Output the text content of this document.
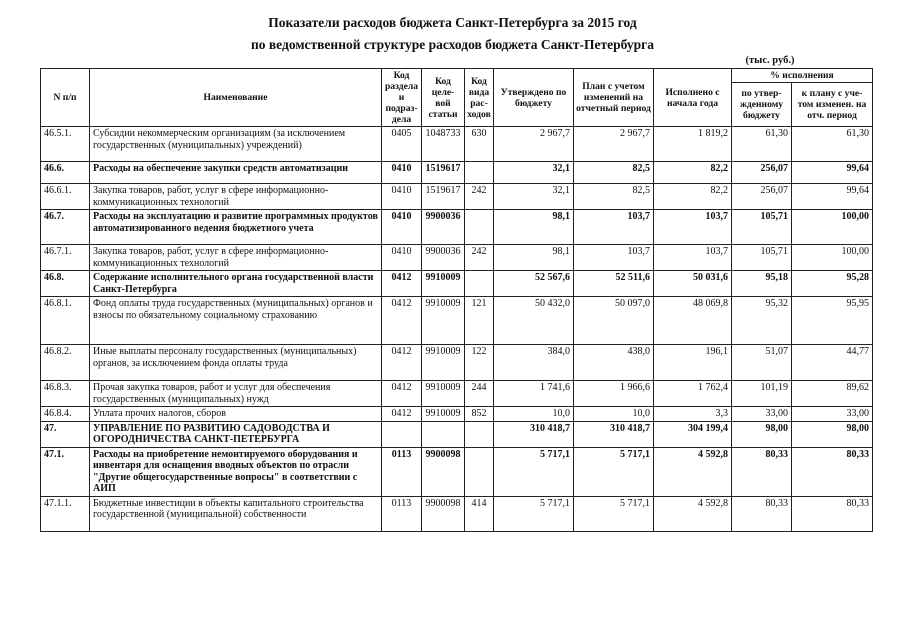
Показатели расходов бюджета Санкт-Петербурга за 2015 год
по ведомственной структуре расходов бюджета Санкт-Петербурга
(тыс. руб.)
N п/п	Наименование	Код раздела и подраз-дела	Код целе-вой статьи	Код вида рас-ходов	Утверждено по бюджету	План с учетом изменений на отчетный период	Исполнено с начала года	% исполнения	
								по утвер-жденному бюджету	к плану с уче-том изменен. на отч. период
46.5.1.	Субсидии некоммерческим организациям (за исключением государственных (муниципальных) учреждений)	0405	1048733	630	2 967,7	2 967,7	1 819,2	61,30	61,30
46.6.	Расходы на обеспечение закупки средств автоматизации	0410	1519617		32,1	82,5	82,2	256,07	99,64
46.6.1.	Закупка товаров, работ, услуг в сфере информационно-коммуникационных технологий	0410	1519617	242	32,1	82,5	82,2	256,07	99,64
46.7.	Расходы на эксплуатацию и развитие программных продуктов автоматизированного ведения бюджетного учета	0410	9900036		98,1	103,7	103,7	105,71	100,00
46.7.1.	Закупка товаров, работ, услуг в сфере информационно-коммуникационных технологий	0410	9900036	242	98,1	103,7	103,7	105,71	100,00
46.8.	Содержание исполнительного органа государственной власти Санкт-Петербурга	0412	9910009		52 567,6	52 511,6	50 031,6	95,18	95,28
46.8.1.	Фонд оплаты труда государственных (муниципальных) органов и взносы по обязательному социальному страхованию	0412	9910009	121	50 432,0	50 097,0	48 069,8	95,32	95,95
46.8.2.	Иные выплаты персоналу государственных (муниципальных) органов, за исключением фонда оплаты труда	0412	9910009	122	384,0	438,0	196,1	51,07	44,77
46.8.3.	Прочая закупка товаров, работ и услуг для обеспечения государственных (муниципальных) нужд	0412	9910009	244	1 741,6	1 966,6	1 762,4	101,19	89,62
46.8.4.	Уплата прочих налогов, сборов	0412	9910009	852	10,0	10,0	3,3	33,00	33,00
47.	УПРАВЛЕНИЕ ПО РАЗВИТИЮ САДОВОДСТВА И ОГОРОДНИЧЕСТВА САНКТ-ПЕТЕРБУРГА				310 418,7	310 418,7	304 199,4	98,00	98,00
47.1.	Расходы на приобретение немонтируемого оборудования и инвентаря для оснащения вводных объектов по отрасли "Другие общегосударственные вопросы" в соответствии с АИП	0113	9900098		5 717,1	5 717,1	4 592,8	80,33	80,33
47.1.1.	Бюджетные инвестиции в объекты капитального строительства государственной (муниципальной) собственности	0113	9900098	414	5 717,1	5 717,1	4 592,8	80,33	80,33
